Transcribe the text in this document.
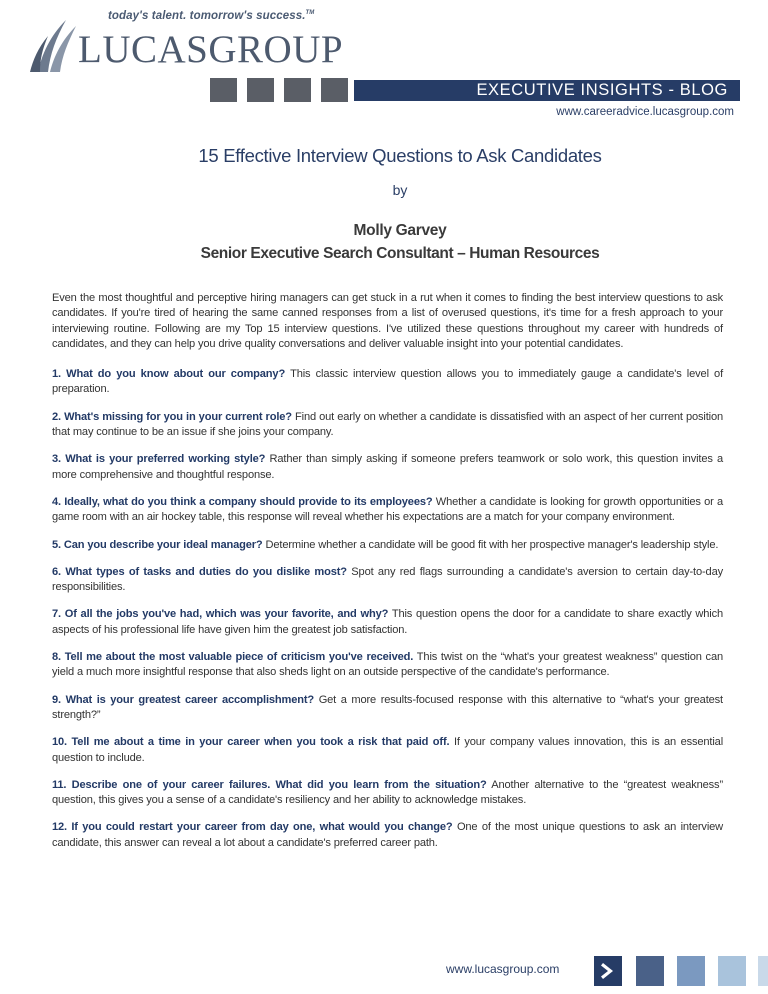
today's talent. tomorrow's success.™
LUCASGROUP
EXECUTIVE INSIGHTS - BLOG
www.careeradvice.lucasgroup.com
15 Effective Interview Questions to Ask Candidates
by
Molly Garvey
Senior Executive Search Consultant – Human Resources

Even the most thoughtful and perceptive hiring managers can get stuck in a rut when it comes to finding the best interview questions to ask candidates. If you're tired of hearing the same canned responses from a list of overused questions, it's time for a fresh approach to your interviewing routine. Following are my Top 15 interview questions. I've utilized these questions throughout my career with hundreds of candidates, and they can help you drive quality conversations and deliver valuable insight into your potential candidates.

1. What do you know about our company? This classic interview question allows you to immediately gauge a candidate's level of preparation.

2. What's missing for you in your current role? Find out early on whether a candidate is dissatisfied with an aspect of her current position that may continue to be an issue if she joins your company.

3. What is your preferred working style? Rather than simply asking if someone prefers teamwork or solo work, this question invites a more comprehensive and thoughtful response.

4. Ideally, what do you think a company should provide to its employees? Whether a candidate is looking for growth opportunities or a game room with an air hockey table, this response will reveal whether his expectations are a match for your company environment.

5. Can you describe your ideal manager? Determine whether a candidate will be good fit with her prospective manager's leadership style.

6. What types of tasks and duties do you dislike most? Spot any red flags surrounding a candidate's aversion to certain day-to-day responsibilities.

7. Of all the jobs you've had, which was your favorite, and why? This question opens the door for a candidate to share exactly which aspects of his professional life have given him the greatest job satisfaction.

8. Tell me about the most valuable piece of criticism you've received. This twist on the “what's your greatest weakness” question can yield a much more insightful response that also sheds light on an outside perspective of the candidate's performance.

9. What is your greatest career accomplishment? Get a more results-focused response with this alternative to “what's your greatest strength?”

10. Tell me about a time in your career when you took a risk that paid off. If your company values innovation, this is an essential question to include.

11. Describe one of your career failures. What did you learn from the situation? Another alternative to the “greatest weakness” question, this gives you a sense of a candidate's resiliency and her ability to acknowledge mistakes.

12. If you could restart your career from day one, what would you change? One of the most unique questions to ask an interview candidate, this answer can reveal a lot about a candidate's preferred career path.

www.lucasgroup.com
